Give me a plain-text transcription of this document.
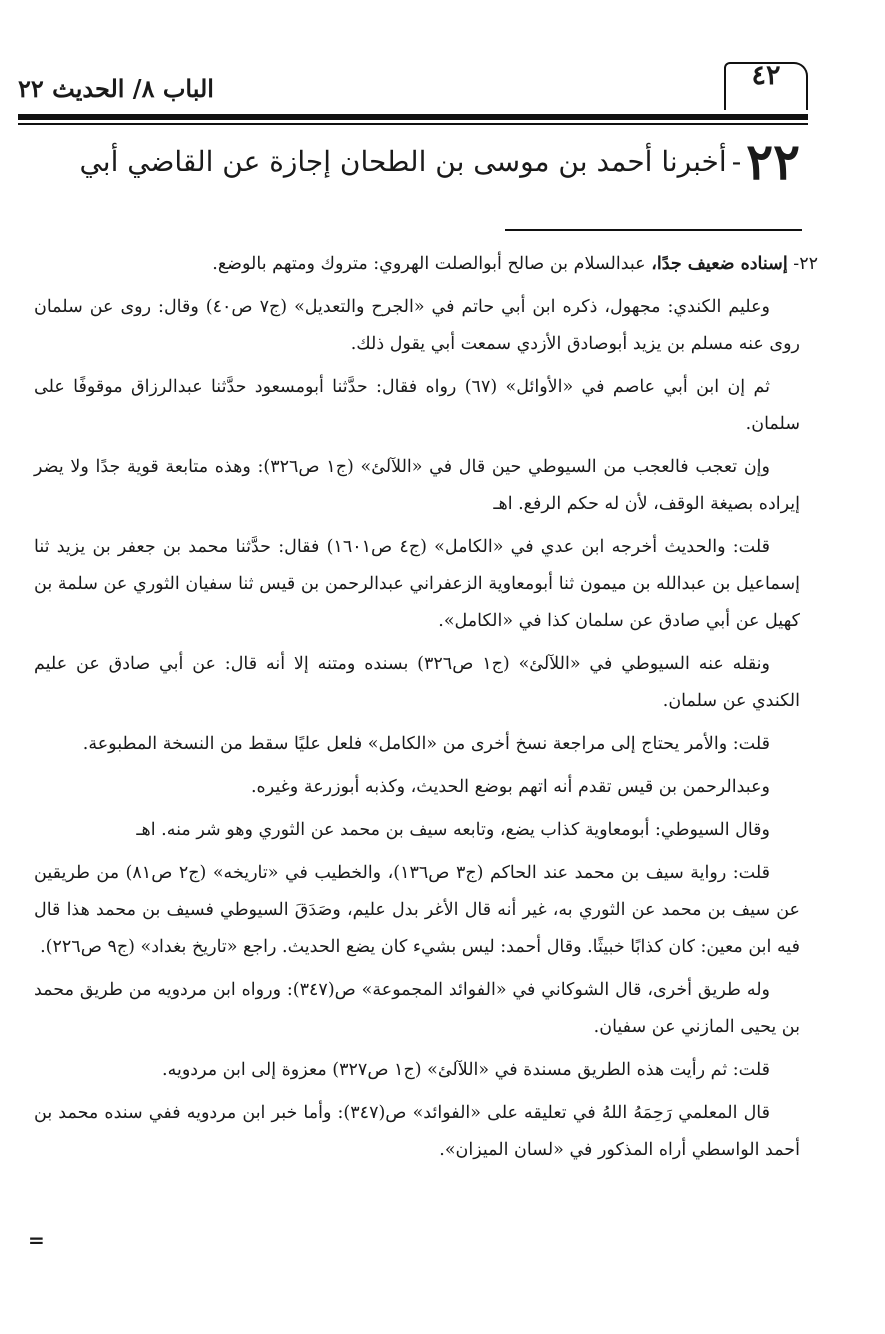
٤٢
الباب ٨/ الحديث ٢٢
٢٢ - أخبرنا أحمد بن موسى بن الطحان إجازة عن القاضي أبي

٢٢- إسناده ضعيف جدًا، عبدالسلام بن صالح أبوالصلت الهروي: متروك ومتهم بالوضع.

وعليم الكندي: مجهول، ذكره ابن أبي حاتم في «الجرح والتعديل» (ج٧ ص٤٠) وقال: روى عن سلمان روى عنه مسلم بن يزيد أبوصادق الأزدي سمعت أبي يقول ذلك.

ثم إن ابن أبي عاصم في «الأوائل» (٦٧) رواه فقال: حدَّثنا أبومسعود حدَّثنا عبدالرزاق موقوفًا على سلمان.

وإن تعجب فالعجب من السيوطي حين قال في «اللآلئ» (ج١ ص٣٢٦): وهذه متابعة قوية جدًا ولا يضر إيراده بصيغة الوقف، لأن له حكم الرفع. اهـ

قلت: والحديث أخرجه ابن عدي في «الكامل» (ج٤ ص١٦٠١) فقال: حدَّثنا محمد بن جعفر بن يزيد ثنا إسماعيل بن عبدالله بن ميمون ثنا أبومعاوية الزعفراني عبدالرحمن بن قيس ثنا سفيان الثوري عن سلمة بن كهيل عن أبي صادق عن سلمان كذا في «الكامل».

ونقله عنه السيوطي في «اللآلئ» (ج١ ص٣٢٦) بسنده ومتنه إلا أنه قال: عن أبي صادق عن عليم الكندي عن سلمان.

قلت: والأمر يحتاج إلى مراجعة نسخ أخرى من «الكامل» فلعل عليًا سقط من النسخة المطبوعة.

وعبدالرحمن بن قيس تقدم أنه اتهم بوضع الحديث، وكذبه أبوزرعة وغيره.

وقال السيوطي: أبومعاوية كذاب يضع، وتابعه سيف بن محمد عن الثوري وهو شر منه. اهـ

قلت: رواية سيف بن محمد عند الحاكم (ج٣ ص١٣٦)، والخطيب في «تاريخه» (ج٢ ص٨١) من طريقين عن سيف بن محمد عن الثوري به، غير أنه قال الأغر بدل عليم، وصَدَقَ السيوطي فسيف بن محمد هذا قال فيه ابن معين: كان كذابًا خبيثًا. وقال أحمد: ليس بشيء كان يضع الحديث. راجع «تاريخ بغداد» (ج٩ ص٢٢٦).

وله طريق أخرى، قال الشوكاني في «الفوائد المجموعة» ص(٣٤٧): ورواه ابن مردويه من طريق محمد بن يحيى المازني عن سفيان.

قلت: ثم رأيت هذه الطريق مسندة في «اللآلئ» (ج١ ص٣٢٧) معزوة إلى ابن مردويه.

قال المعلمي رَحِمَهُ اللهُ في تعليقه على «الفوائد» ص(٣٤٧): وأما خبر ابن مردويه ففي سنده محمد بن أحمد الواسطي أراه المذكور في «لسان الميزان».

=
